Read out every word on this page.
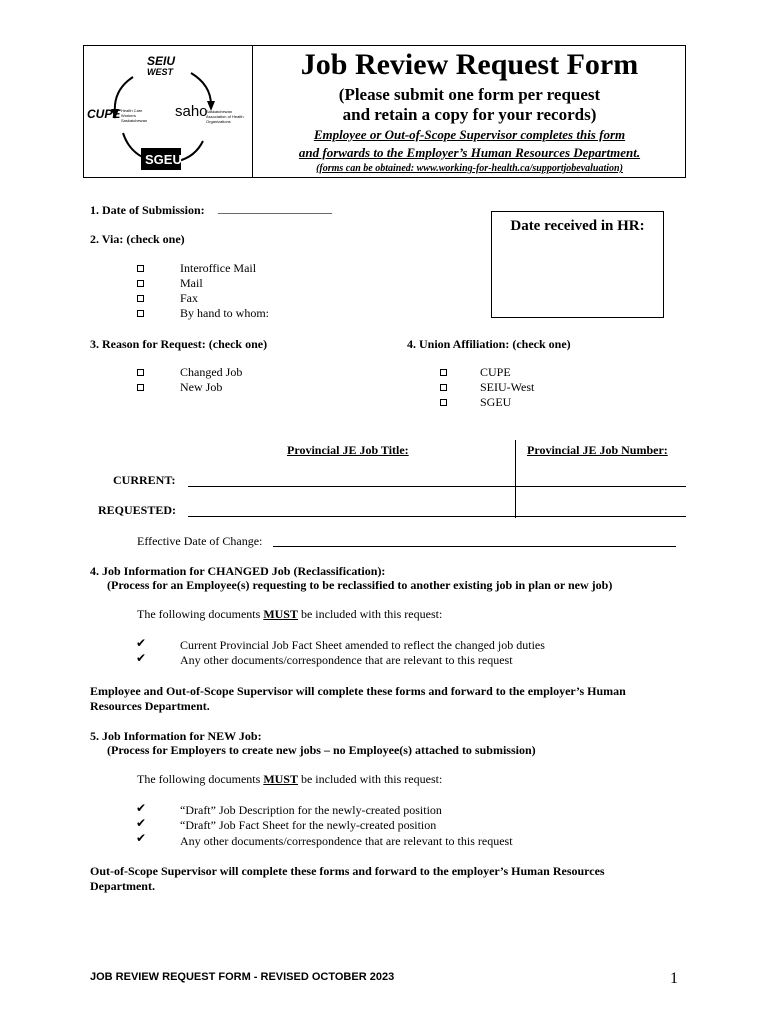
SEIU
WEST
CUPE Health Care Workers Saskatchewan
saho
Saskatchewan Association of Health Organizations
SGEU
Job Review Request Form
(Please submit one form per request
and retain a copy for your records)
Employee or Out-of-Scope Supervisor completes this form
and forwards to the Employer’s Human Resources Department.
(forms can be obtained: www.working-for-health.ca/supportjobevaluation)
Date received in HR:
1. Date of Submission: ___________________
2. Via: (check one)
Interoffice Mail
Mail
Fax
By hand to whom:
3. Reason for Request: (check one)
Changed Job
New Job
4. Union Affiliation: (check one)
CUPE
SEIU-West
SGEU
Provincial JE Job Title:	Provincial JE Job Number:
CURRENT:
REQUESTED:
Effective Date of Change:
4. Job Information for CHANGED Job (Reclassification):
(Process for an Employee(s) requesting to be reclassified to another existing job in plan or new job)
The following documents MUST be included with this request:
✔	Current Provincial Job Fact Sheet amended to reflect the changed job duties
✔	Any other documents/correspondence that are relevant to this request
Employee and Out-of-Scope Supervisor will complete these forms and forward to the employer’s Human Resources Department.
5. Job Information for NEW Job:
(Process for Employers to create new jobs – no Employee(s) attached to submission)
The following documents MUST be included with this request:
✔	“Draft” Job Description for the newly-created position
✔	“Draft” Job Fact Sheet for the newly-created position
✔	Any other documents/correspondence that are relevant to this request
Out-of-Scope Supervisor will complete these forms and forward to the employer’s Human Resources Department.
JOB REVIEW REQUEST FORM - REVISED OCTOBER 2023	1
